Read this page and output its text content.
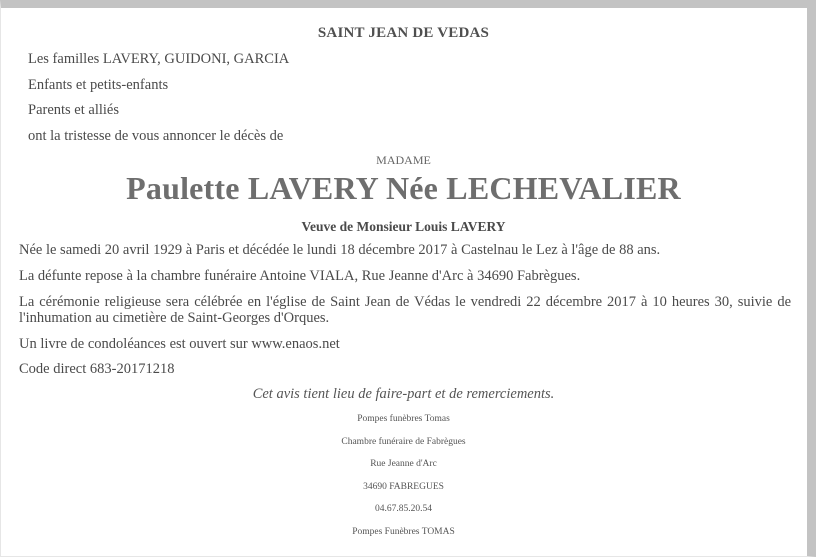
SAINT JEAN DE VEDAS
Les familles LAVERY, GUIDONI, GARCIA
Enfants et petits-enfants
Parents et alliés
ont la tristesse de vous annoncer le décès de
MADAME
Paulette LAVERY Née LECHEVALIER
Veuve de Monsieur Louis LAVERY
Née le samedi 20 avril 1929 à Paris et décédée le lundi 18 décembre 2017 à Castelnau le Lez à l'âge de 88 ans.
La défunte repose à la chambre funéraire Antoine VIALA, Rue Jeanne d'Arc à 34690 Fabrègues.
La cérémonie religieuse sera célébrée en l'église de Saint Jean de Védas le vendredi 22 décembre 2017 à 10 heures 30, suivie de l'inhumation au cimetière de Saint-Georges d'Orques.
Un livre de condoléances est ouvert sur www.enaos.net
Code direct 683-20171218
Cet avis tient lieu de faire-part et de remerciements.
Pompes funèbres Tomas
Chambre funéraire de Fabrègues
Rue Jeanne d'Arc
34690 FABREGUES
04.67.85.20.54
Pompes Funèbres TOMAS
